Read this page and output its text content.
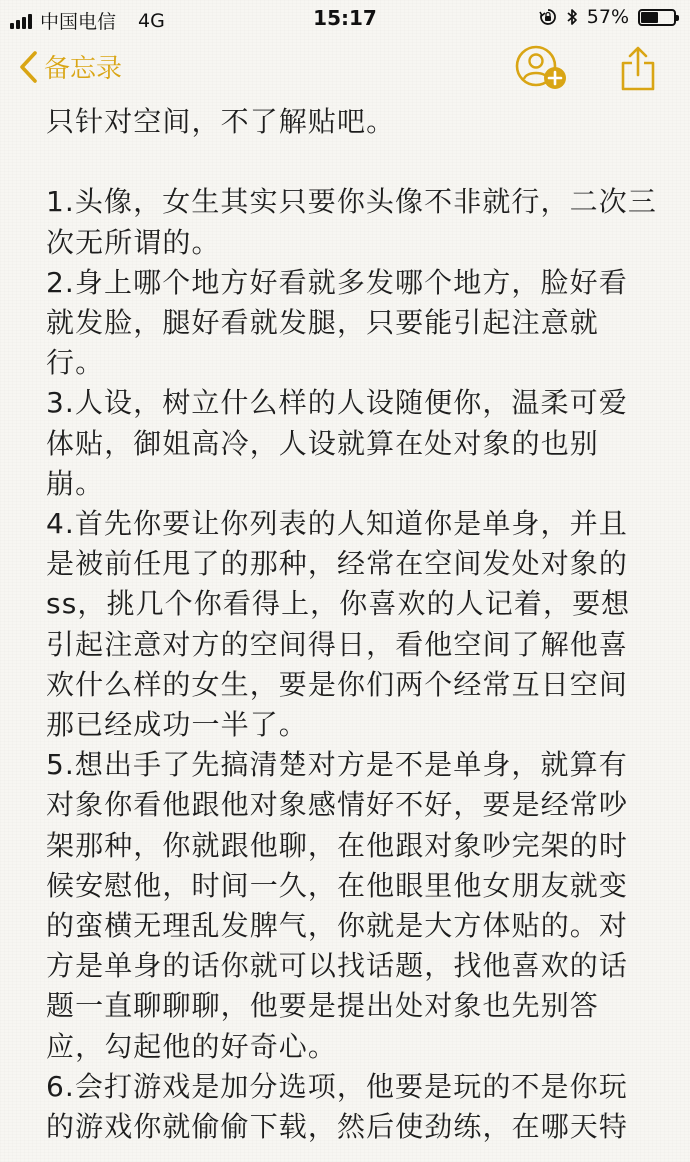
中国电信 4G	15:17	57%
备忘录

只针对空间，不了解贴吧。

1.头像，女生其实只要你头像不非就行，二次三

次无所谓的。

2.身上哪个地方好看就多发哪个地方，脸好看

就发脸，腿好看就发腿，只要能引起注意就

行。

3.人设，树立什么样的人设随便你，温柔可爱

体贴，御姐高冷，人设就算在处对象的也别

崩。

4.首先你要让你列表的人知道你是单身，并且

是被前任甩了的那种，经常在空间发处对象的

ss，挑几个你看得上，你喜欢的人记着，要想

引起注意对方的空间得日，看他空间了解他喜

欢什么样的女生，要是你们两个经常互日空间

那已经成功一半了。

5.想出手了先搞清楚对方是不是单身，就算有

对象你看他跟他对象感情好不好，要是经常吵

架那种，你就跟他聊，在他跟对象吵完架的时

候安慰他，时间一久，在他眼里他女朋友就变

的蛮横无理乱发脾气，你就是大方体贴的。对

方是单身的话你就可以找话题，找他喜欢的话

题一直聊聊聊，他要是提出处对象也先别答

应，勾起他的好奇心。

6.会打游戏是加分选项，他要是玩的不是你玩

的游戏你就偷偷下载，然后使劲练，在哪天特
